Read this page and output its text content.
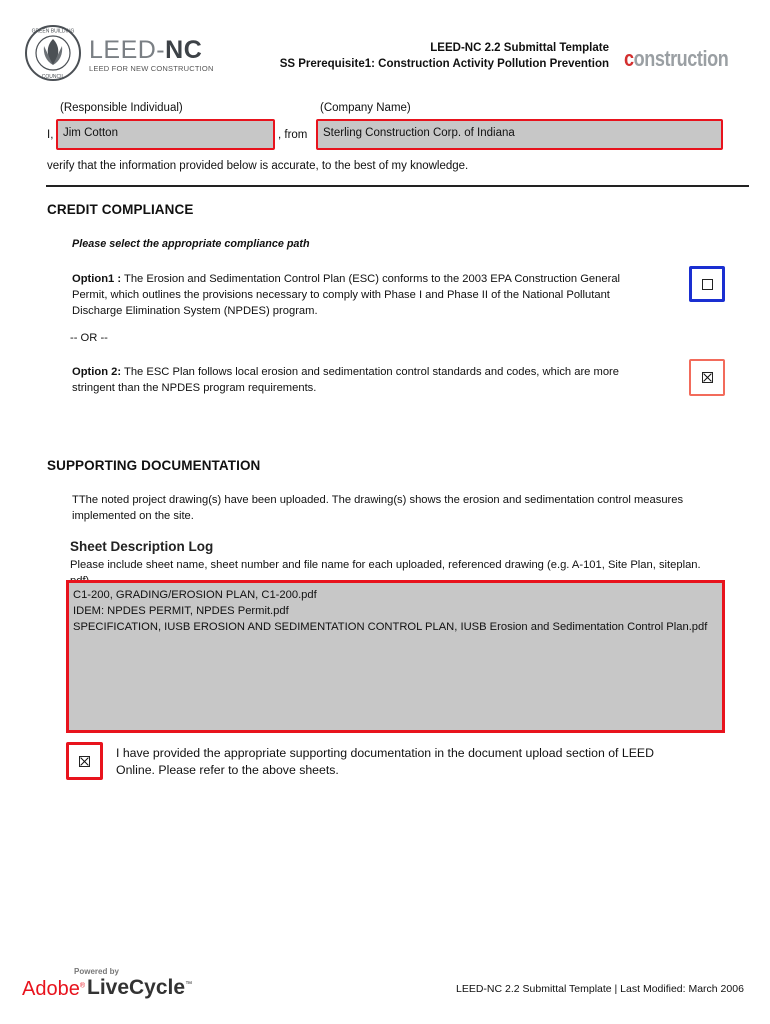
GREEN BUILDING
COUNCIL
LEED-NC
LEED FOR NEW CONSTRUCTION
LEED-NC 2.2 Submittal Template
SS Prerequisite1: Construction Activity Pollution Prevention construction
(Responsible Individual)	(Company Name)
I, Jim Cotton	, from	Sterling Construction Corp. of Indiana
verify that the information provided below is accurate, to the best of my knowledge.
CREDIT COMPLIANCE
Please select the appropriate compliance path
Option1 : The Erosion and Sedimentation Control Plan (ESC) conforms to the 2003 EPA Construction General
Permit, which outlines the provisions necessary to comply with Phase I and Phase II of the National Pollutant
Discharge Elimination System (NPDES) program.
-- OR --
Option 2: The ESC Plan follows local erosion and sedimentation control standards and codes, which are more
stringent than the NPDES program requirements.
SUPPORTING DOCUMENTATION
TThe noted project drawing(s) have been uploaded. The drawing(s) shows the erosion and sedimentation control measures
implemented on the site.
Sheet Description Log
Please include sheet name, sheet number and file name for each uploaded, referenced drawing (e.g. A-101, Site Plan, siteplan.

C1-200, GRADING/EROSION PLAN, C1-200.pdf
IDEM: NPDES PERMIT, NPDES Permit.pdf
SPECIFICATION, IUSB EROSION AND SEDIMENTATION CONTROL PLAN, IUSB Erosion and Sedimentation Control Plan.pdf
I have provided the appropriate supporting documentation in the document upload section of LEED
Online. Please refer to the above sheets.
Powered by
Adobe® LiveCycle™	LEED-NC 2.2 Submittal Template | Last Modified: March 2006
